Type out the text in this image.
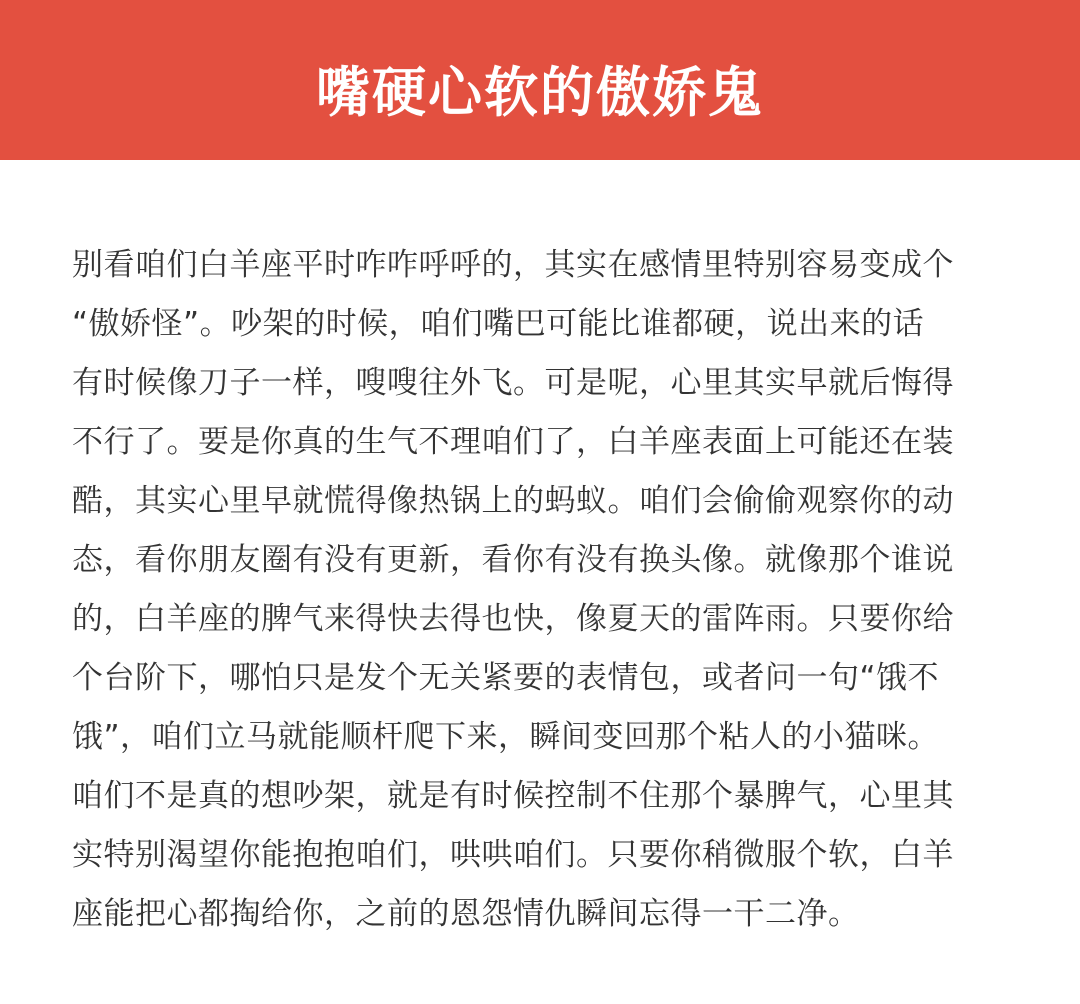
嘴硬心软的傲娇鬼

别看咱们白羊座平时咋咋呼呼的，其实在感情里特别容易变成个
“傲娇怪”。吵架的时候，咱们嘴巴可能比谁都硬，说出来的话
有时候像刀子一样，嗖嗖往外飞。可是呢，心里其实早就后悔得
不行了。要是你真的生气不理咱们了，白羊座表面上可能还在装
酷，其实心里早就慌得像热锅上的蚂蚁。咱们会偷偷观察你的动
态，看你朋友圈有没有更新，看你有没有换头像。就像那个谁说
的，白羊座的脾气来得快去得也快，像夏天的雷阵雨。只要你给
个台阶下，哪怕只是发个无关紧要的表情包，或者问一句“饿不
饿”，咱们立马就能顺杆爬下来，瞬间变回那个粘人的小猫咪。
咱们不是真的想吵架，就是有时候控制不住那个暴脾气，心里其
实特别渴望你能抱抱咱们，哄哄咱们。只要你稍微服个软，白羊
座能把心都掏给你，之前的恩怨情仇瞬间忘得一干二净。
